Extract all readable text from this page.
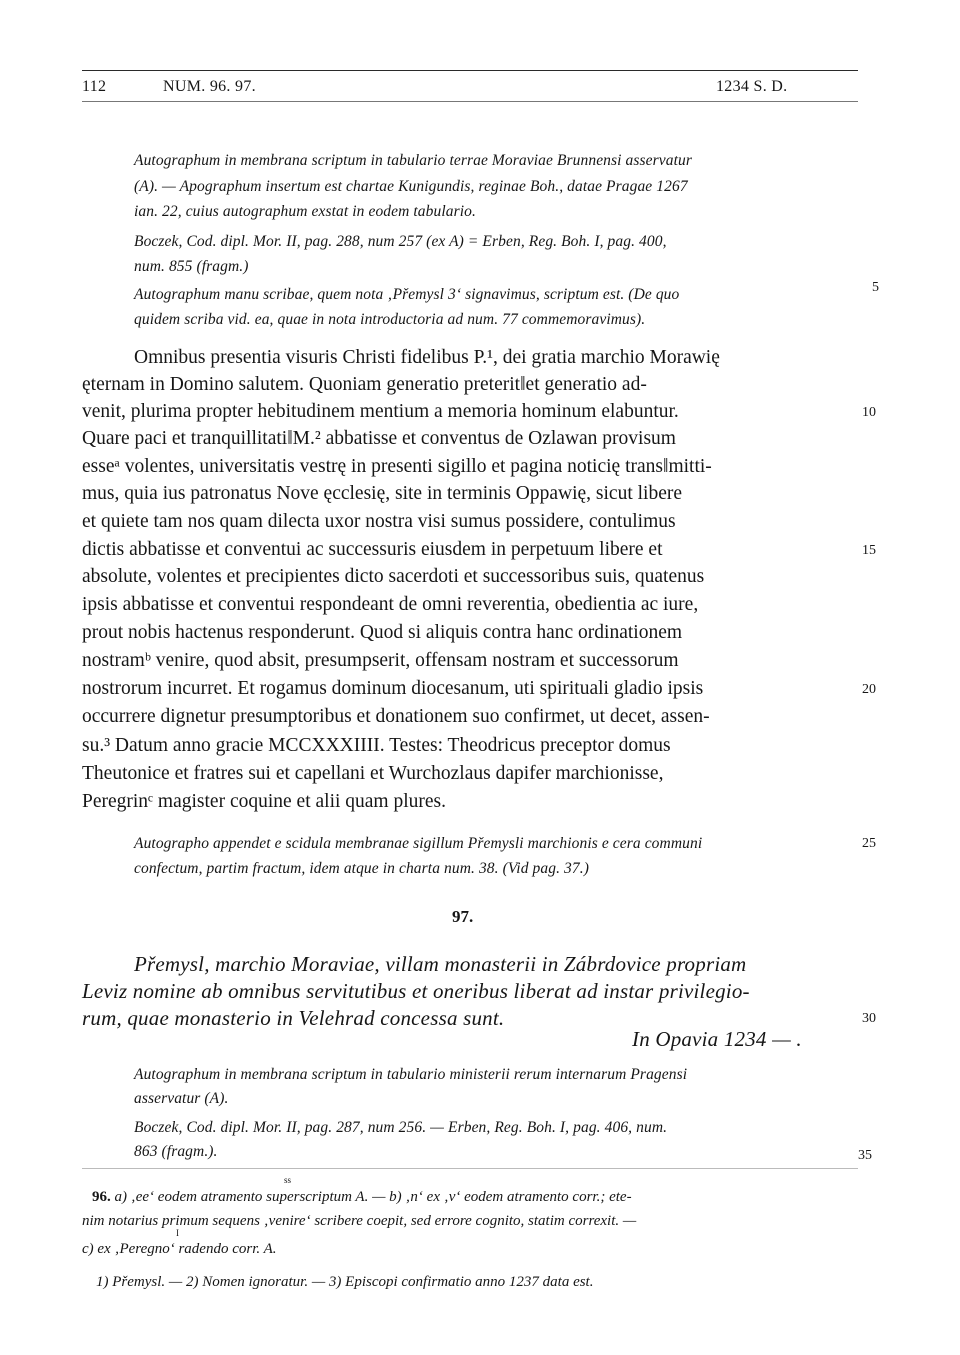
112	NUM. 96. 97.	1234 S. D.
Autographum in membrana scriptum in tabulario terrae Moraviae Brunnensi asservatur
(A). — Apographum insertum est chartae Kunigundis, reginae Boh., datae Pragae 1267
ian. 22, cuius autographum exstat in eodem tabulario.
Boczek, Cod. dipl. Mor. II, pag. 288, num 257 (ex A) = Erben, Reg. Boh. I, pag. 400,
num. 855 (fragm.)
Autographum manu scribae, quem nota ‚Přemysl 3‘ signavimus, scriptum est. (De quo
quidem scriba vid. ea, quae in nota introductoria ad num. 77 commemoravimus).
Omnibus presentia visuris Christi fidelibus P.¹, dei gratia marchio Morawię
ęternam in Domino salutem. Quoniam generatio preterit‖et generatio ad-
venit, plurima propter hebitudinem mentium a memoria hominum elabuntur.
Quare paci et tranquillitati‖M.² abbatisse et conventus de Ozlawan provisum
esseᵃ volentes, universitatis vestrę in presenti sigillo et pagina noticię trans‖mitti-
mus, quia ius patronatus Nove ęcclesię, site in terminis Oppawię, sicut libere
et quiete tam nos quam dilecta uxor nostra visi sumus possidere, contulimus
dictis abbatisse et conventui ac successuris eiusdem in perpetuum libere et
absolute, volentes et precipientes dicto sacerdoti et successoribus suis, quatenus
ipsis abbatisse et conventui respondeant de omni reverentia, obedientia ac iure,
prout nobis hactenus responderunt. Quod si aliquis contra hanc ordinationem
nostramᵇ venire, quod absit, presumpserit, offensam nostram et successorum
nostrorum incurret. Et rogamus dominum diocesanum, uti spirituali gladio ipsis
occurrere dignetur presumptoribus et donationem suo confirmet, ut decet, assen-
su.³ Datum anno gracie MCCXXXIIII. Testes: Theodricus preceptor domus
Theutonice et fratres sui et capellani et Wurchozlaus dapifer marchionisse,
Peregrinᶜ magister coquine et alii quam plures.
Autographo appendet e scidula membranae sigillum Přemysli marchionis e cera communi
confectum, partim fractum, idem atque in charta num. 38. (Vid pag. 37.)
97.
Přemysl, marchio Moraviae, villam monasterii in Zábrdovice propriam
Leviz nomine ab omnibus servitutibus et oneribus liberat ad instar privilegio-
rum, quae monasterio in Velehrad concessa sunt.
In Opavia 1234 — .
Autographum in membrana scriptum in tabulario ministerii rerum internarum Pragensi
asservatur (A).
Boczek, Cod. dipl. Mor. II, pag. 287, num 256. — Erben, Reg. Boh. I, pag. 406, num.
863 (fragm.).
5
10
15
20
25
30
35
ss
96. a) ‚ee‘ eodem atramento superscriptum A. — b) ‚n‘ ex ‚v‘ eodem atramento corr.; ete-
nim notarius primum sequens ‚venire‘ scribere coepit, sed errore cognito, statim correxit. —
I
c) ex ‚Peregno‘ radendo corr. A.
1) Přemysl. — 2) Nomen ignoratur. — 3) Episcopi confirmatio anno 1237 data est.
